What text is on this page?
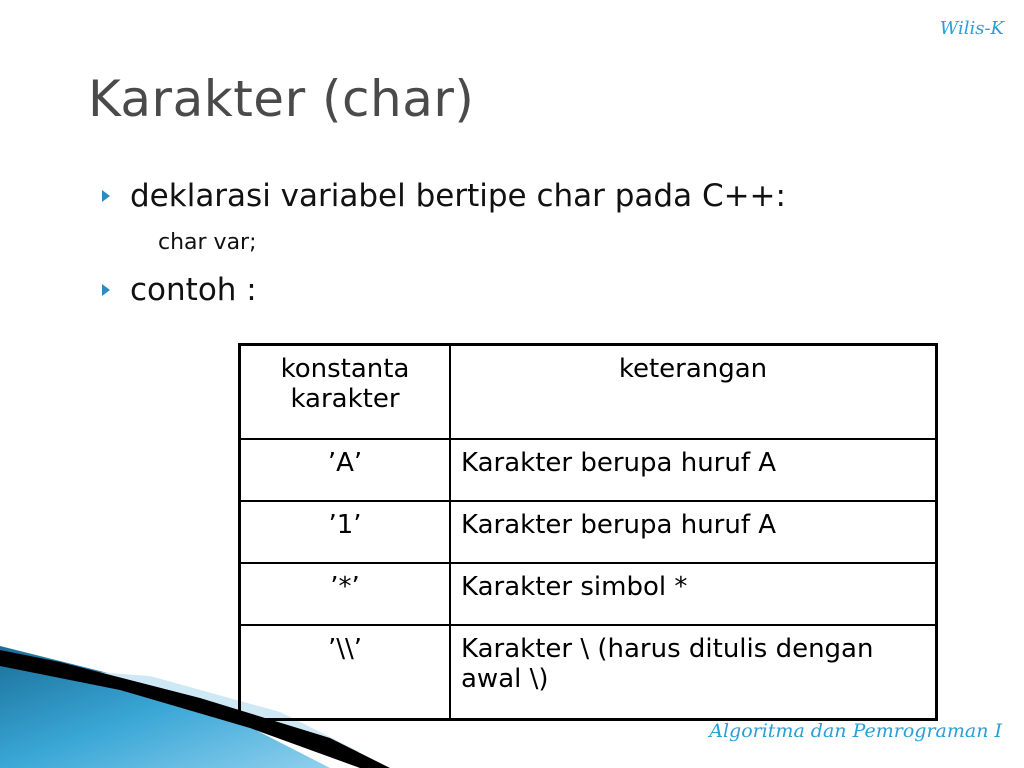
Wilis-K
Karakter (char)
deklarasi variabel bertipe char pada C++:
char var;
contoh :
konstanta karakter	keterangan
’A’	Karakter berupa huruf A
’1’	Karakter berupa huruf A
’*’	Karakter simbol *
’\\’	Karakter \ (harus ditulis dengan awal \)
Algoritma dan Pemrograman I
